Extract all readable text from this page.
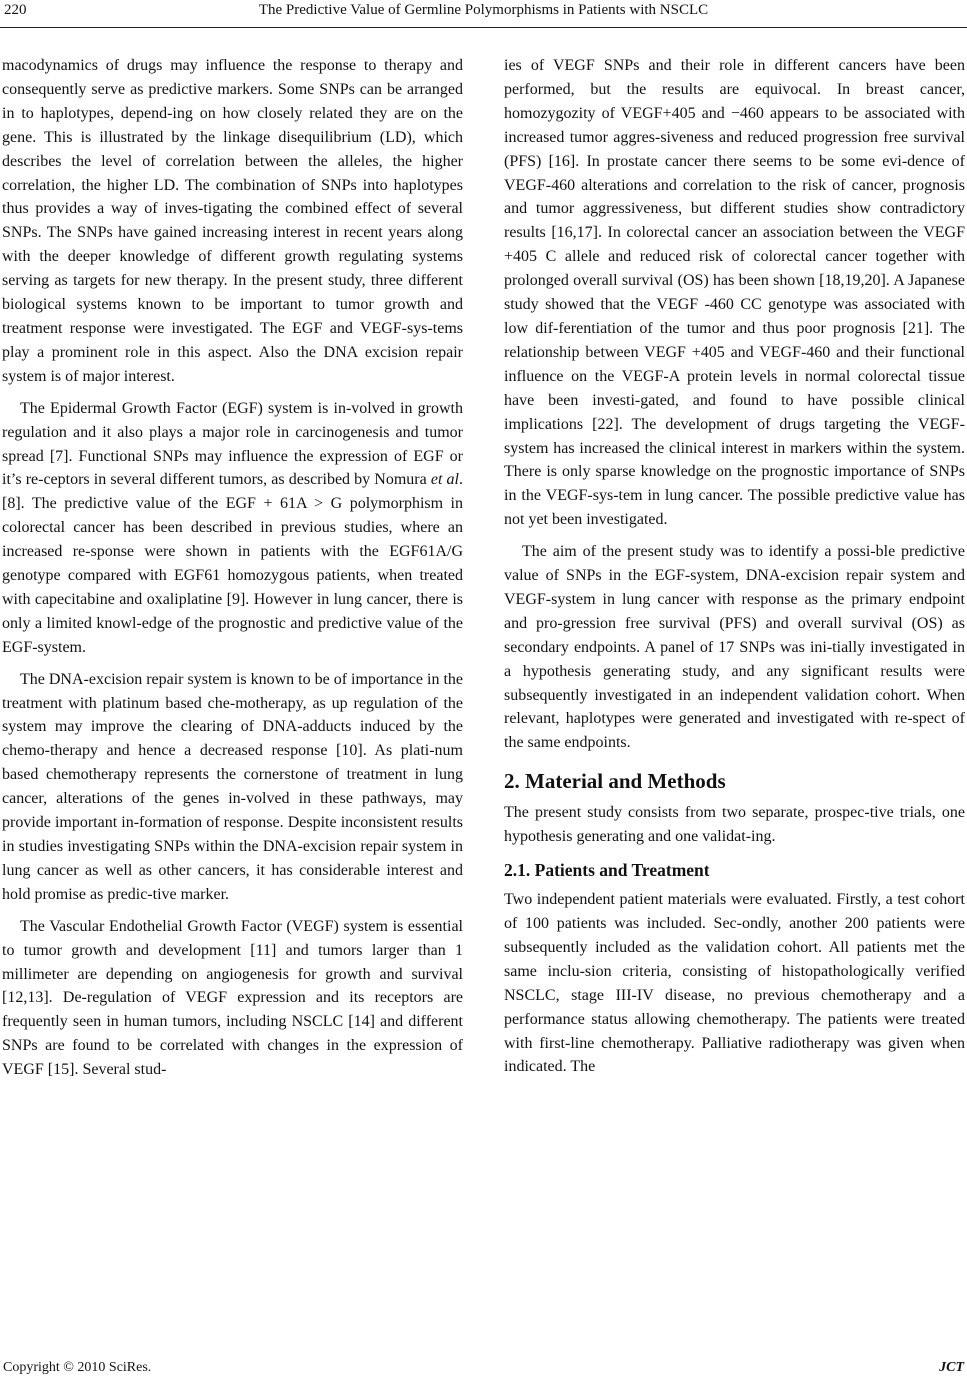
220	The Predictive Value of Germline Polymorphisms in Patients with NSCLC

macodynamics of drugs may influence the response to therapy and consequently serve as predictive markers. Some SNPs can be arranged in to haplotypes, depend-ing on how closely related they are on the gene. This is illustrated by the linkage disequilibrium (LD), which describes the level of correlation between the alleles, the higher correlation, the higher LD. The combination of SNPs into haplotypes thus provides a way of inves-tigating the combined effect of several SNPs. The SNPs have gained increasing interest in recent years along with the deeper knowledge of different growth regulating systems serving as targets for new therapy. In the present study, three different biological systems known to be important to tumor growth and treatment response were investigated. The EGF and VEGF-sys-tems play a prominent role in this aspect. Also the DNA excision repair system is of major interest.

The Epidermal Growth Factor (EGF) system is in-volved in growth regulation and it also plays a major role in carcinogenesis and tumor spread [7]. Functional SNPs may influence the expression of EGF or it’s re-ceptors in several different tumors, as described by Nomura et al. [8]. The predictive value of the EGF + 61A > G polymorphism in colorectal cancer has been described in previous studies, where an increased re-sponse were shown in patients with the EGF61A/G genotype compared with EGF61 homozygous patients, when treated with capecitabine and oxaliplatine [9]. However in lung cancer, there is only a limited knowl-edge of the prognostic and predictive value of the EGF-system.

The DNA-excision repair system is known to be of importance in the treatment with platinum based che-motherapy, as up regulation of the system may improve the clearing of DNA-adducts induced by the chemo-therapy and hence a decreased response [10]. As plati-num based chemotherapy represents the cornerstone of treatment in lung cancer, alterations of the genes in-volved in these pathways, may provide important in-formation of response. Despite inconsistent results in studies investigating SNPs within the DNA-excision repair system in lung cancer as well as other cancers, it has considerable interest and hold promise as predic-tive marker.

The Vascular Endothelial Growth Factor (VEGF) system is essential to tumor growth and development [11] and tumors larger than 1 millimeter are depending on angiogenesis for growth and survival [12,13]. De-regulation of VEGF expression and its receptors are frequently seen in human tumors, including NSCLC [14] and different SNPs are found to be correlated with changes in the expression of VEGF [15]. Several stud-

ies of VEGF SNPs and their role in different cancers have been performed, but the results are equivocal. In breast cancer, homozygozity of VEGF+405 and −460 appears to be associated with increased tumor aggres-siveness and reduced progression free survival (PFS) [16]. In prostate cancer there seems to be some evi-dence of VEGF-460 alterations and correlation to the risk of cancer, prognosis and tumor aggressiveness, but different studies show contradictory results [16,17]. In colorectal cancer an association between the VEGF +405 C allele and reduced risk of colorectal cancer together with prolonged overall survival (OS) has been shown [18,19,20]. A Japanese study showed that the VEGF -460 CC genotype was associated with low dif-ferentiation of the tumor and thus poor prognosis [21]. The relationship between VEGF +405 and VEGF-460 and their functional influence on the VEGF-A protein levels in normal colorectal tissue have been investi-gated, and found to have possible clinical implications [22]. The development of drugs targeting the VEGF-system has increased the clinical interest in markers within the system. There is only sparse knowledge on the prognostic importance of SNPs in the VEGF-sys-tem in lung cancer. The possible predictive value has not yet been investigated.

The aim of the present study was to identify a possi-ble predictive value of SNPs in the EGF-system, DNA-excision repair system and VEGF-system in lung cancer with response as the primary endpoint and pro-gression free survival (PFS) and overall survival (OS) as secondary endpoints. A panel of 17 SNPs was ini-tially investigated in a hypothesis generating study, and any significant results were subsequently investigated in an independent validation cohort. When relevant, haplotypes were generated and investigated with re-spect of the same endpoints.

2. Material and Methods

The present study consists from two separate, prospec-tive trials, one hypothesis generating and one validat-ing.

2.1. Patients and Treatment

Two independent patient materials were evaluated. Firstly, a test cohort of 100 patients was included. Sec-ondly, another 200 patients were subsequently included as the validation cohort. All patients met the same inclu-sion criteria, consisting of histopathologically verified NSCLC, stage III-IV disease, no previous chemotherapy and a performance status allowing chemotherapy. The patients were treated with first-line chemotherapy. Palliative radiotherapy was given when indicated. The

Copyright © 2010 SciRes.	JCT
